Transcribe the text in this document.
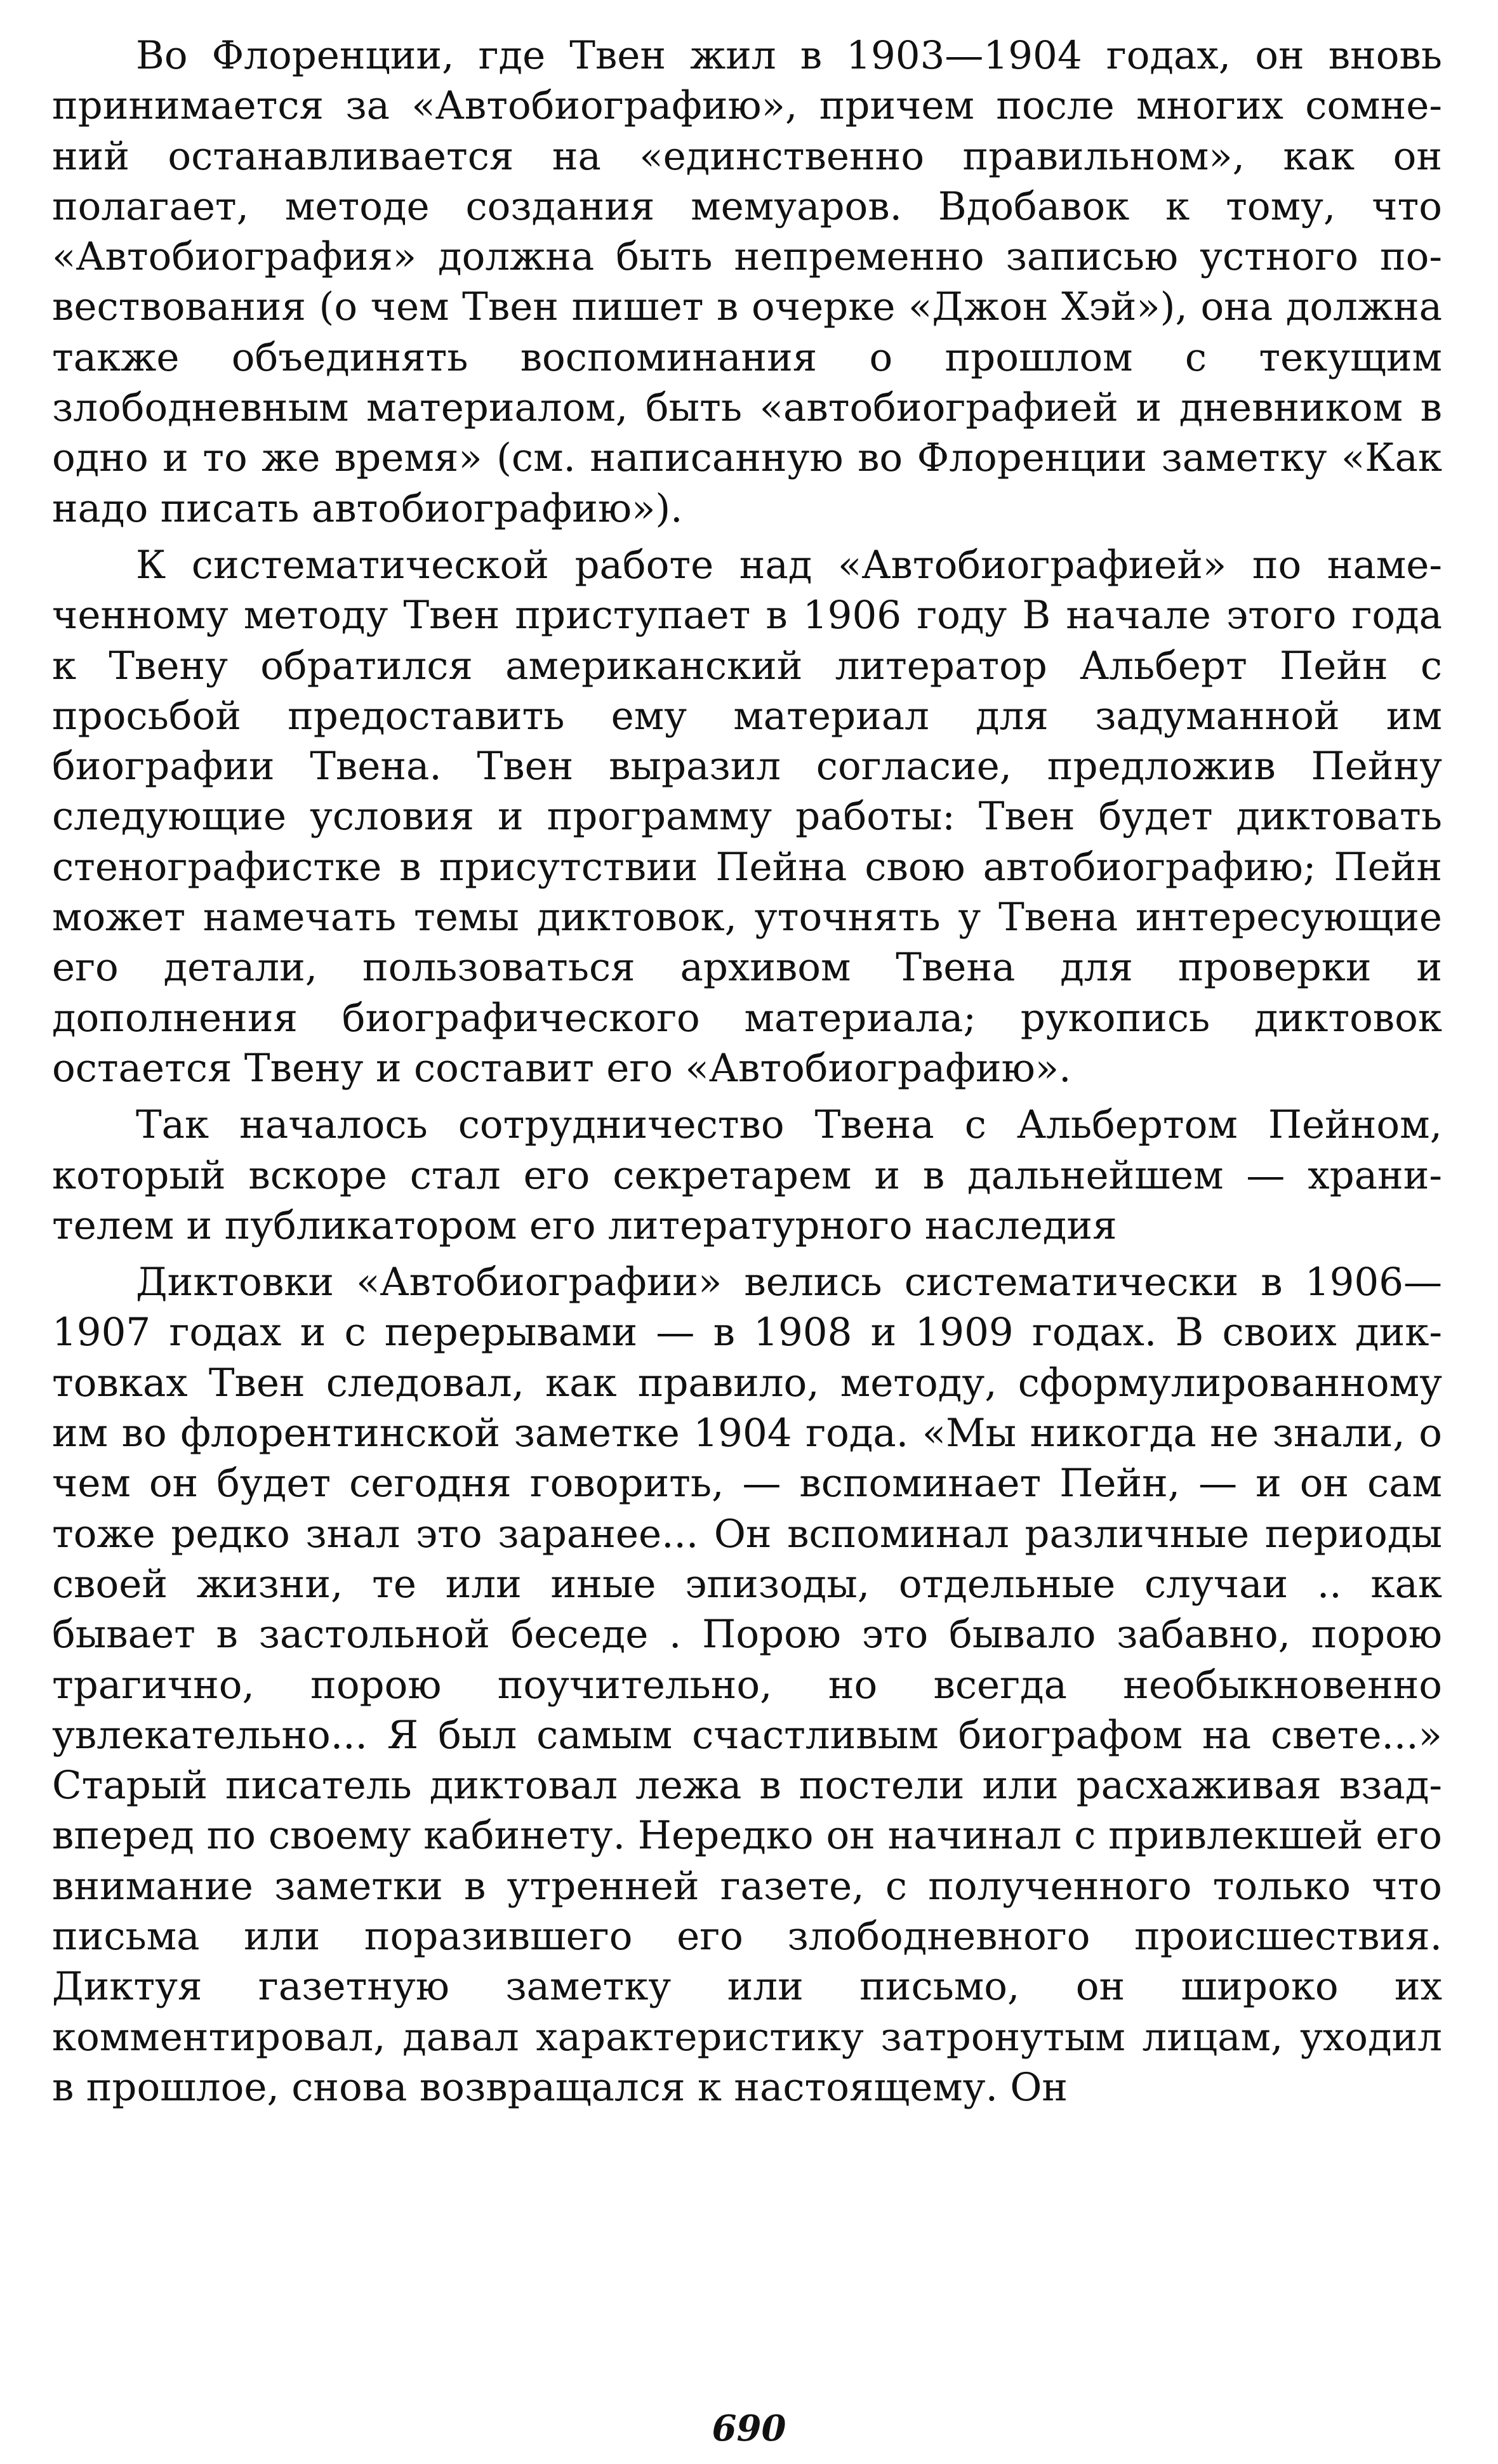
Во Флоренции, где Твен жил в 1903—1904 годах, он вновь принимается за «Автобиографию», причем после многих сомнений останавливается на «единственно правильном», как он полагает, методе создания мемуаров. Вдобавок к тому, что «Автобиография» должна быть непременно записью устного повествования (о чем Твен пишет в очерке «Джон Хэй»), она должна также объединять воспоминания о прошлом с текущим злободневным материалом, быть «автобиографией и дневником в одно и то же время» (см. написанную во Флоренции заметку «Как надо писать автобиографию»).

К систематической работе над «Автобиографией» по намеченному методу Твен приступает в 1906 году В начале этого года к Твену обратился американский литератор Альберт Пейн с просьбой предоставить ему материал для задуманной им биографии Твена. Твен выразил согласие, предложив Пейну следующие условия и программу работы: Твен будет диктовать стенографистке в присутствии Пейна свою автобиографию; Пейн может намечать темы диктовок, уточнять у Твена интересующие его детали, пользоваться архивом Твена для проверки и дополнения биографического материала; рукопись диктовок остается Твену и составит его «Автобиографию».

Так началось сотрудничество Твена с Альбертом Пейном, который вскоре стал его секретарем и в дальнейшем — хранителем и публикатором его литературного наследия

Диктовки «Автобиографии» велись систематически в 1906— 1907 годах и с перерывами — в 1908 и 1909 годах. В своих диктовках Твен следовал, как правило, методу, сформулированному им во флорентинской заметке 1904 года. «Мы никогда не знали, о чем он будет сегодня говорить, — вспоминает Пейн, — и он сам тоже редко знал это заранее... Он вспоминал различные периоды своей жизни, те или иные эпизоды, отдельные случаи .. как бывает в застольной беседе . Порою это бывало забавно, порою трагично, порою поучительно, но всегда необыкновенно увлекательно... Я был самым счастливым биографом на свете...» Старый писатель диктовал лежа в постели или расхаживая взад-вперед по своему кабинету. Нередко он начинал с привлекшей его внимание заметки в утренней газете, с полученного только что письма или поразившего его злободневного происшествия. Диктуя газетную заметку или письмо, он широко их комментировал, давал характеристику затронутым лицам, уходил в прошлое, снова возвращался к настоящему. Он

690
